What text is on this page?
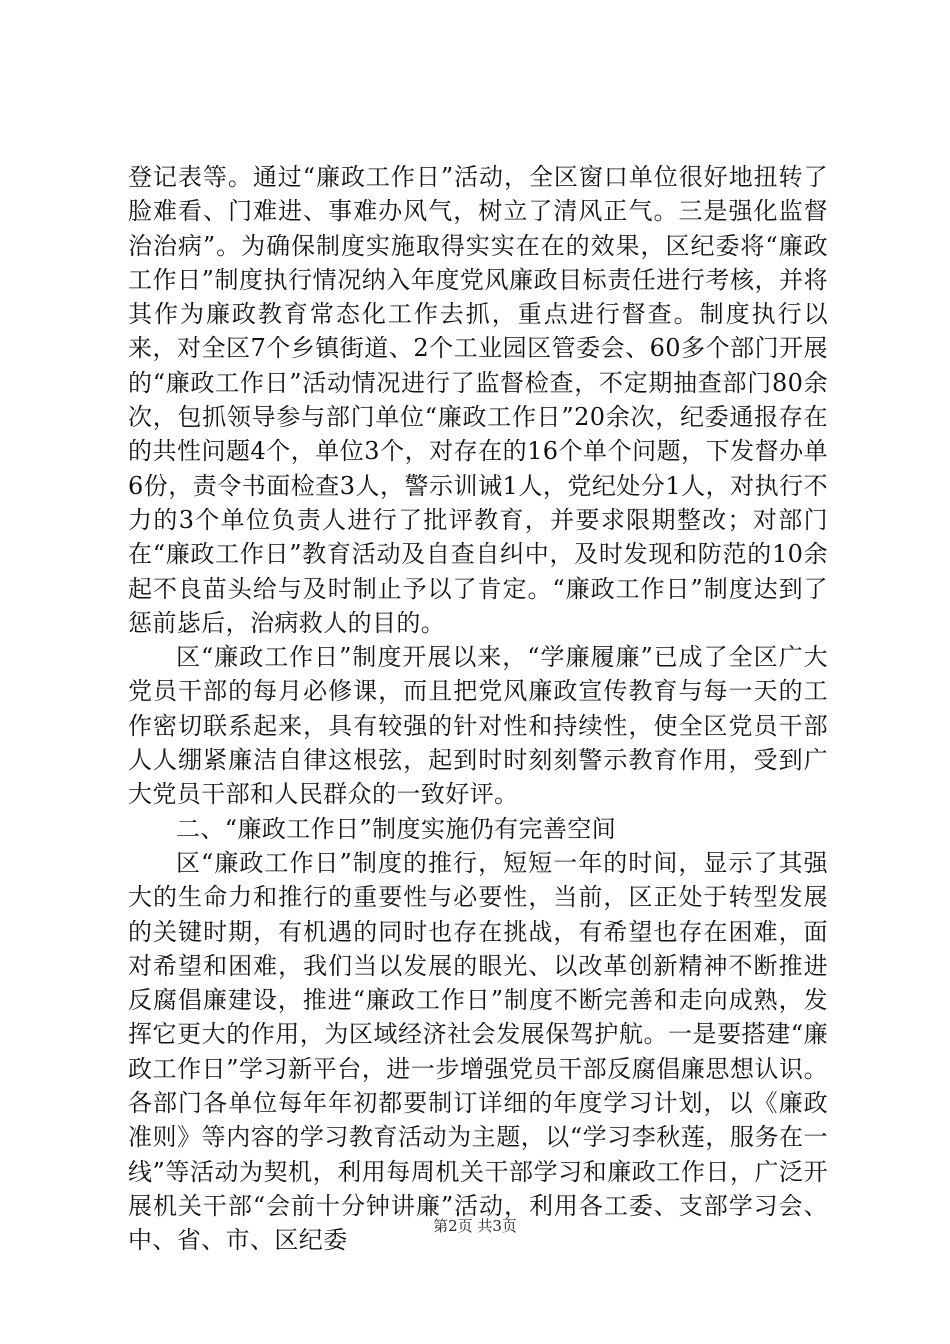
登记表等。通过“廉政工作日”活动，全区窗口单位很好地扭转了脸难看、门难进、事难办风气，树立了清风正气。三是强化监督治治病”。为确保制度实施取得实实在在的效果，区纪委将“廉政工作日”制度执行情况纳入年度党风廉政目标责任进行考核，并将其作为廉政教育常态化工作去抓，重点进行督查。制度执行以来，对全区7个乡镇街道、2个工业园区管委会、60多个部门开展的“廉政工作日”活动情况进行了监督检查，不定期抽查部门80余次，包抓领导参与部门单位“廉政工作日”20余次，纪委通报存在的共性问题4个，单位3个，对存在的16个单个问题，下发督办单6份，责令书面检查3人，警示训诫1人，党纪处分1人，对执行不力的3个单位负责人进行了批评教育，并要求限期整改；对部门在“廉政工作日”教育活动及自查自纠中，及时发现和防范的10余起不良苗头给与及时制止予以了肯定。“廉政工作日”制度达到了惩前毖后，治病救人的目的。

区“廉政工作日”制度开展以来，“学廉履廉”已成了全区广大党员干部的每月必修课，而且把党风廉政宣传教育与每一天的工作密切联系起来，具有较强的针对性和持续性，使全区党员干部人人绷紧廉洁自律这根弦，起到时时刻刻警示教育作用，受到广大党员干部和人民群众的一致好评。

二、“廉政工作日”制度实施仍有完善空间

区“廉政工作日”制度的推行，短短一年的时间，显示了其强大的生命力和推行的重要性与必要性，当前，区正处于转型发展的关键时期，有机遇的同时也存在挑战，有希望也存在困难，面对希望和困难，我们当以发展的眼光、以改革创新精神不断推进反腐倡廉建设，推进“廉政工作日”制度不断完善和走向成熟，发挥它更大的作用，为区域经济社会发展保驾护航。一是要搭建“廉政工作日”学习新平台，进一步增强党员干部反腐倡廉思想认识。各部门各单位每年年初都要制订详细的年度学习计划，以《廉政准则》等内容的学习教育活动为主题，以“学习李秋莲，服务在一线”等活动为契机，利用每周机关干部学习和廉政工作日，广泛开展机关干部“会前十分钟讲廉”活动，利用各工委、支部学习会、中、省、市、区纪委

第2页 共3页
